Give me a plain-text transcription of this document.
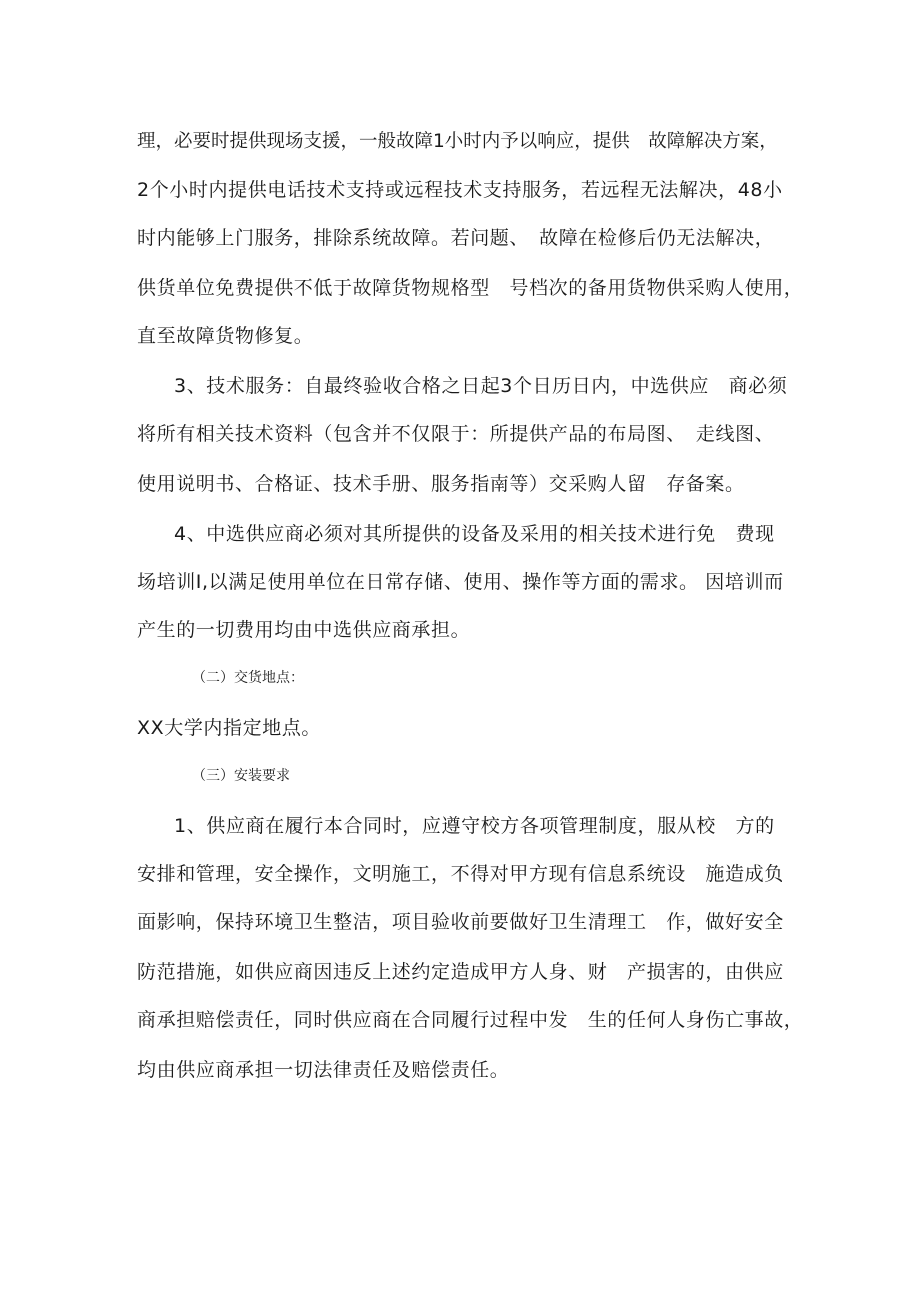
理，必要时提供现场支援，一般故障1小时内予以响应，提供　故障解决方案，
2个小时内提供电话技术支持或远程技术支持服务，若远程无法解决，48小
时内能够上门服务，排除系统故障。若问题、　故障在检修后仍无法解决，
供货单位免费提供不低于故障货物规格型　号档次的备用货物供采购人使用，
直至故障货物修复。
3、技术服务：自最终验收合格之日起3个日历日内，中选供应　商必须
将所有相关技术资料（包含并不仅限于：所提供产品的布局图、　走线图、
使用说明书、合格证、技术手册、服务指南等）交采购人留　存备案。
4、中选供应商必须对其所提供的设备及采用的相关技术进行免　费现
场培训I,以满足使用单位在日常存储、使用、操作等方面的需求。 因培训而
产生的一切费用均由中选供应商承担。
（二）交货地点：
XX大学内指定地点。
（三）安装要求
1、供应商在履行本合同时，应遵守校方各项管理制度，服从校　方的
安排和管理，安全操作，文明施工，不得对甲方现有信息系统设　施造成负
面影响，保持环境卫生整洁，项目验收前要做好卫生清理工　作，做好安全
防范措施，如供应商因违反上述约定造成甲方人身、财　产损害的，由供应
商承担赔偿责任，同时供应商在合同履行过程中发　生的任何人身伤亡事故，
均由供应商承担一切法律责任及赔偿责任。
